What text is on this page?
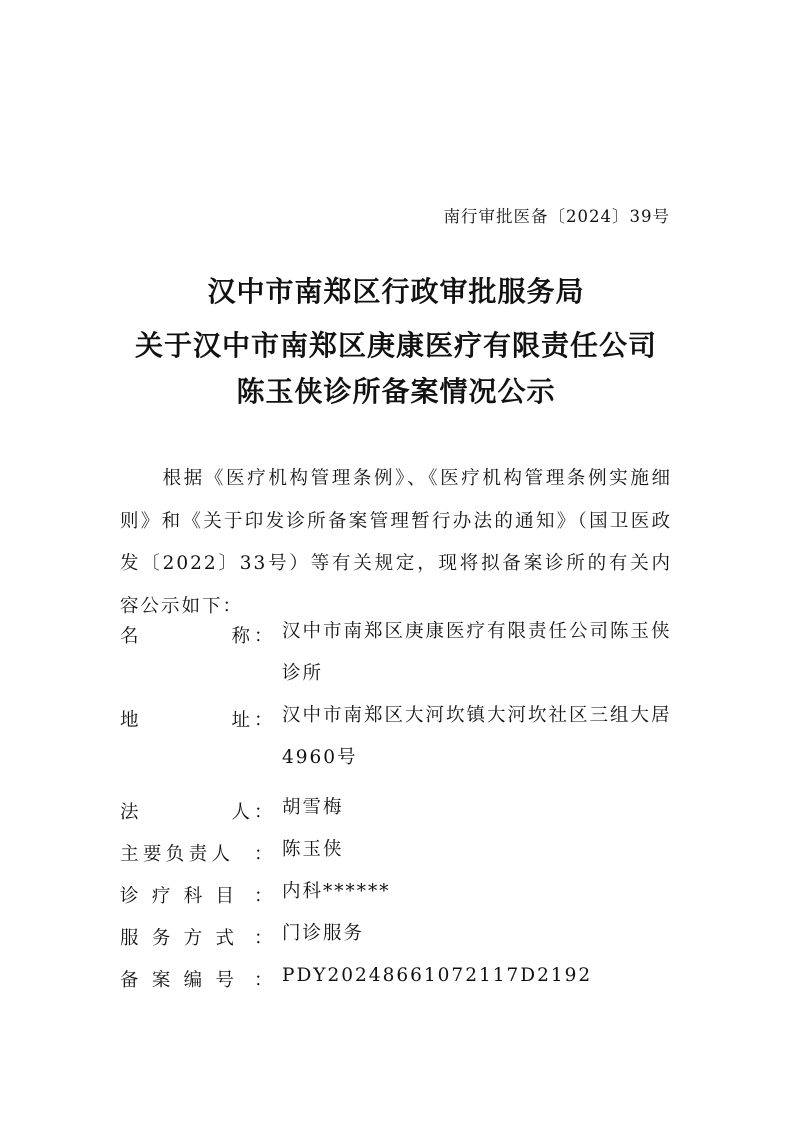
南行审批医备〔2024〕39号
汉中市南郑区行政审批服务局
关于汉中市南郑区庚康医疗有限责任公司
陈玉侠诊所备案情况公示
根据《医疗机构管理条例》、《医疗机构管理条例实施细则》和《关于印发诊所备案管理暂行办法的通知》（国卫医政发〔2022〕33号）等有关规定，现将拟备案诊所的有关内容公示如下：
名	称 ： 汉中市南郑区庚康医疗有限责任公司陈玉侠诊所
地	址 ： 汉中市南郑区大河坎镇大河坎社区三组大居4960号
法	人 ： 胡雪梅
主 要 负 责 人 ： 陈玉侠
诊 疗 科 目 ： 内科******
服 务 方 式 ： 门诊服务
备 案 编 号 ： PDY20248661072117D2192
